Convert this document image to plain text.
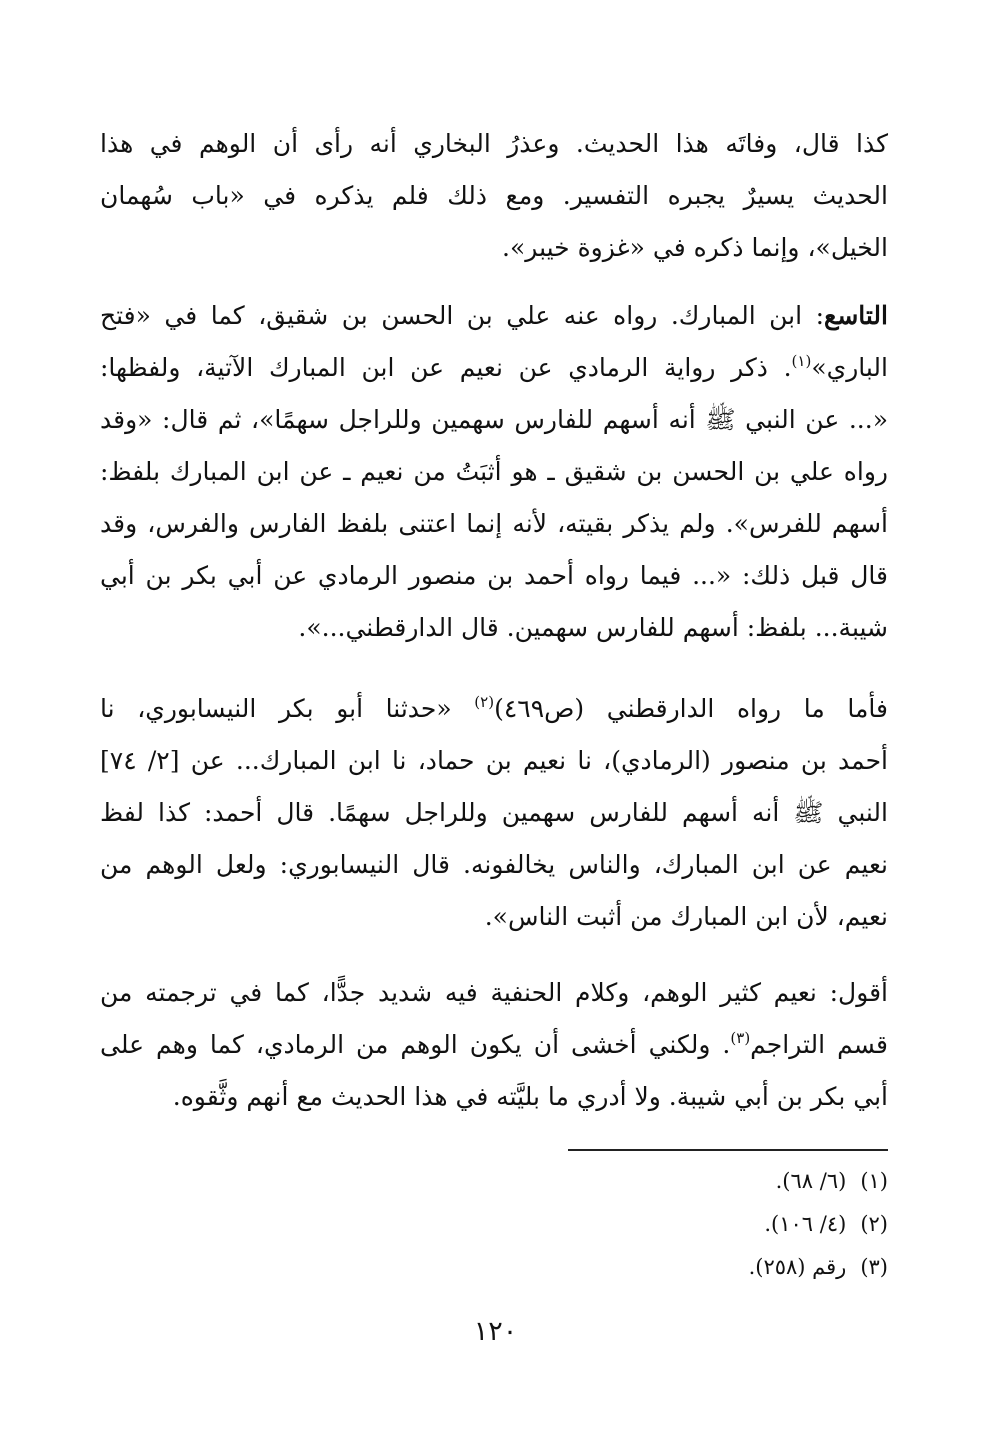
كذا قال، وفاتَه هذا الحديث. وعذرُ البخاري أنه رأى أن الوهم في هذا
الحديث يسيرٌ يجبره التفسير. ومع ذلك فلم يذكره في «باب سُهمان
الخيل»، وإنما ذكره في «غزوة خيبر».
التاسع: ابن المبارك. رواه عنه علي بن الحسن بن شقيق، كما في «فتح
الباري»$^{(١)}$. ذكر رواية الرمادي عن نعيم عن ابن المبارك الآتية، ولفظها:
«... عن النبي ﷺ أنه أسهم للفارس سهمين وللراجل سهمًا»، ثم قال: «وقد
رواه علي بن الحسن بن شقيق ـ هو أثبَتُ من نعيم ـ عن ابن المبارك بلفظ:
أسهم للفرس». ولم يذكر بقيته، لأنه إنما اعتنى بلفظ الفارس والفرس، وقد
قال قبل ذلك: «... فيما رواه أحمد بن منصور الرمادي عن أبي بكر بن أبي
شيبة... بلفظ: أسهم للفارس سهمين. قال الدارقطني...».
فأما ما رواه الدارقطني (ص٤٦٩)$^{(٢)}$ «حدثنا أبو بكر النيسابوري، نا
أحمد بن منصور (الرمادي)، نا نعيم بن حماد، نا ابن المبارك... عن [٢/ ٧٤]
النبي ﷺ أنه أسهم للفارس سهمين وللراجل سهمًا. قال أحمد: كذا لفظ
نعيم عن ابن المبارك، والناس يخالفونه. قال النيسابوري: ولعل الوهم من
نعيم، لأن ابن المبارك من أثبت الناس».
أقول: نعيم كثير الوهم، وكلام الحنفية فيه شديد جدًّا، كما في ترجمته من
قسم التراجم$^{(٣)}$. ولكني أخشى أن يكون الوهم من الرمادي، كما وهم على
أبي بكر بن أبي شيبة. ولا أدري ما بليَّته في هذا الحديث مع أنهم وثَّقوه.
(١)(٦/ ٦٨).
(٢)(٤/ ١٠٦).
(٣)رقم (٢٥٨).
١٢٠
